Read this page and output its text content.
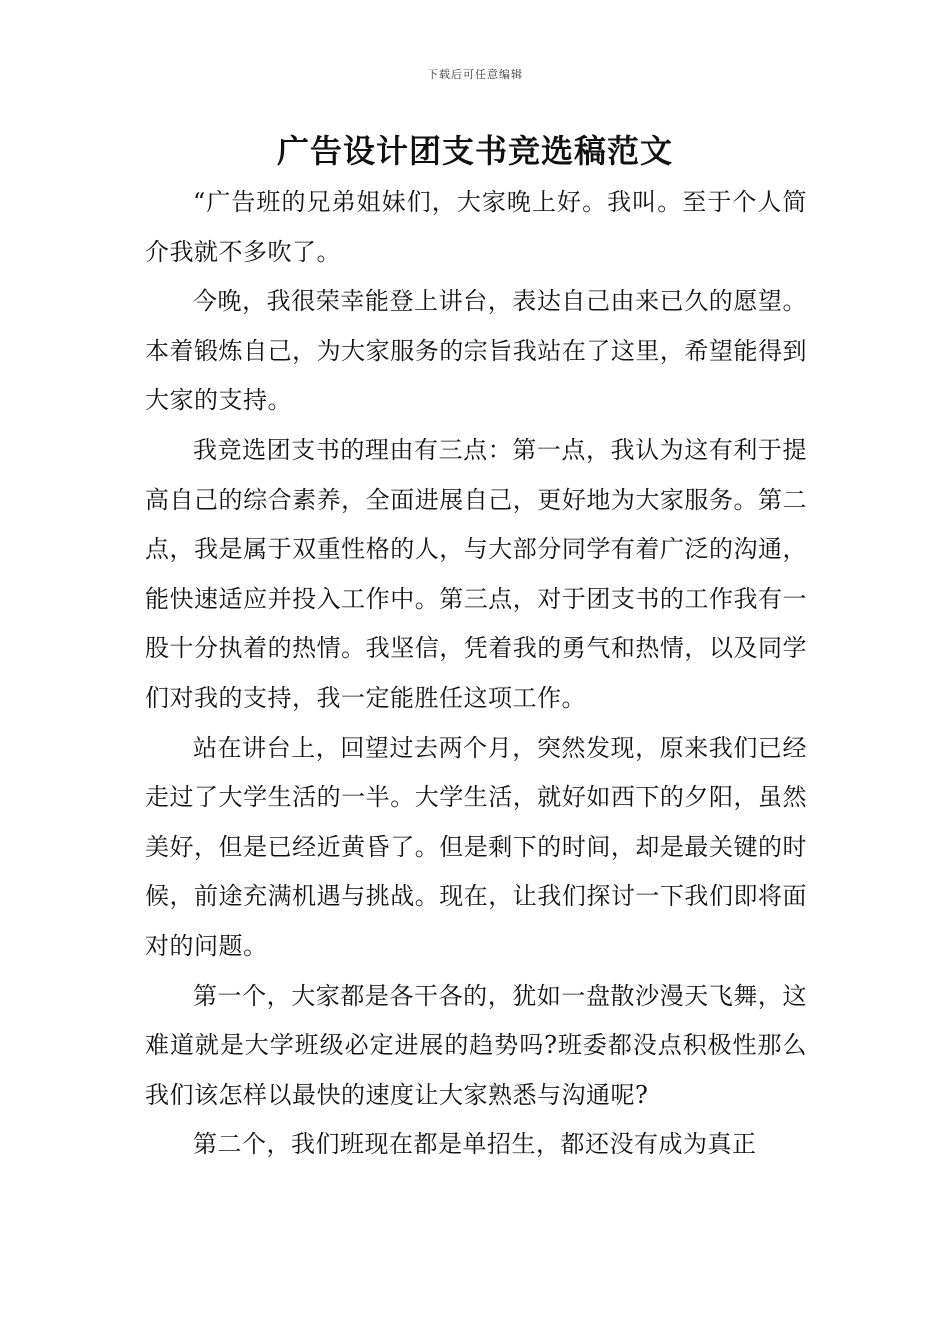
下载后可任意编辑
广告设计团支书竞选稿范文

“广告班的兄弟姐妹们，大家晚上好。我叫。至于个人简介我就不多吹了。

今晚，我很荣幸能登上讲台，表达自己由来已久的愿望。本着锻炼自己，为大家服务的宗旨我站在了这里，希望能得到大家的支持。

我竞选团支书的理由有三点：第一点，我认为这有利于提高自己的综合素养，全面进展自己，更好地为大家服务。第二点，我是属于双重性格的人，与大部分同学有着广泛的沟通，能快速适应并投入工作中。第三点，对于团支书的工作我有一股十分执着的热情。我坚信，凭着我的勇气和热情，以及同学们对我的支持，我一定能胜任这项工作。

站在讲台上，回望过去两个月，突然发现，原来我们已经走过了大学生活的一半。大学生活，就好如西下的夕阳，虽然美好，但是已经近黄昏了。但是剩下的时间，却是最关键的时候，前途充满机遇与挑战。现在，让我们探讨一下我们即将面对的问题。

第一个，大家都是各干各的，犹如一盘散沙漫天飞舞，这难道就是大学班级必定进展的趋势吗?班委都没点积极性那么我们该怎样以最快的速度让大家熟悉与沟通呢?

第二个，我们班现在都是单招生，都还没有成为真正
